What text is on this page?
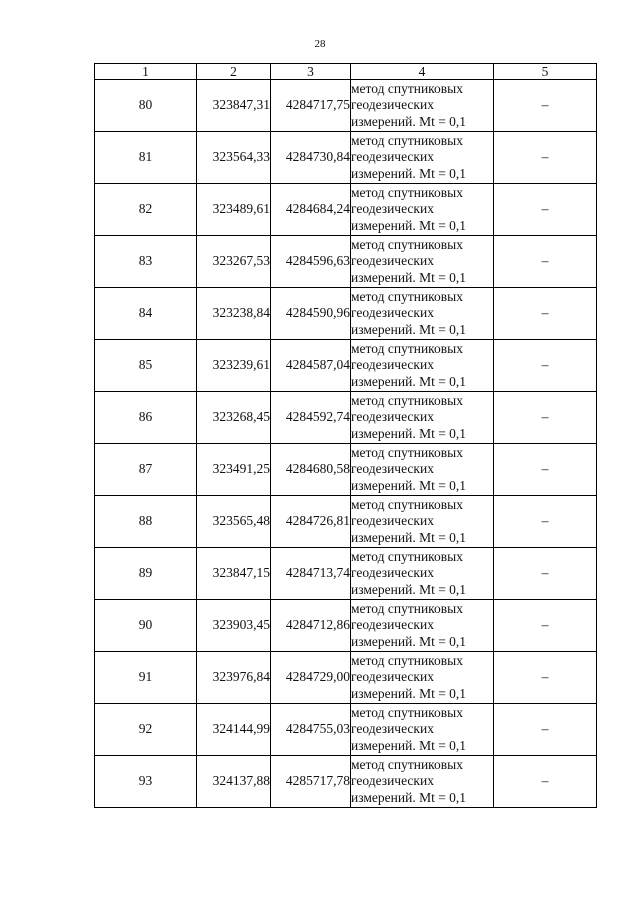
28
1	2	3	4	5
80	323847,31	4284717,75	метод спутниковых
геодезических
измерений. Mt = 0,1	–
81	323564,33	4284730,84	метод спутниковых
геодезических
измерений. Mt = 0,1	–
82	323489,61	4284684,24	метод спутниковых
геодезических
измерений. Mt = 0,1	–
83	323267,53	4284596,63	метод спутниковых
геодезических
измерений. Mt = 0,1	–
84	323238,84	4284590,96	метод спутниковых
геодезических
измерений. Mt = 0,1	–
85	323239,61	4284587,04	метод спутниковых
геодезических
измерений. Mt = 0,1	–
86	323268,45	4284592,74	метод спутниковых
геодезических
измерений. Mt = 0,1	–
87	323491,25	4284680,58	метод спутниковых
геодезических
измерений. Mt = 0,1	–
88	323565,48	4284726,81	метод спутниковых
геодезических
измерений. Mt = 0,1	–
89	323847,15	4284713,74	метод спутниковых
геодезических
измерений. Mt = 0,1	–
90	323903,45	4284712,86	метод спутниковых
геодезических
измерений. Mt = 0,1	–
91	323976,84	4284729,00	метод спутниковых
геодезических
измерений. Mt = 0,1	–
92	324144,99	4284755,03	метод спутниковых
геодезических
измерений. Mt = 0,1	–
93	324137,88	4285717,78	метод спутниковых
геодезических
измерений. Mt = 0,1	–
